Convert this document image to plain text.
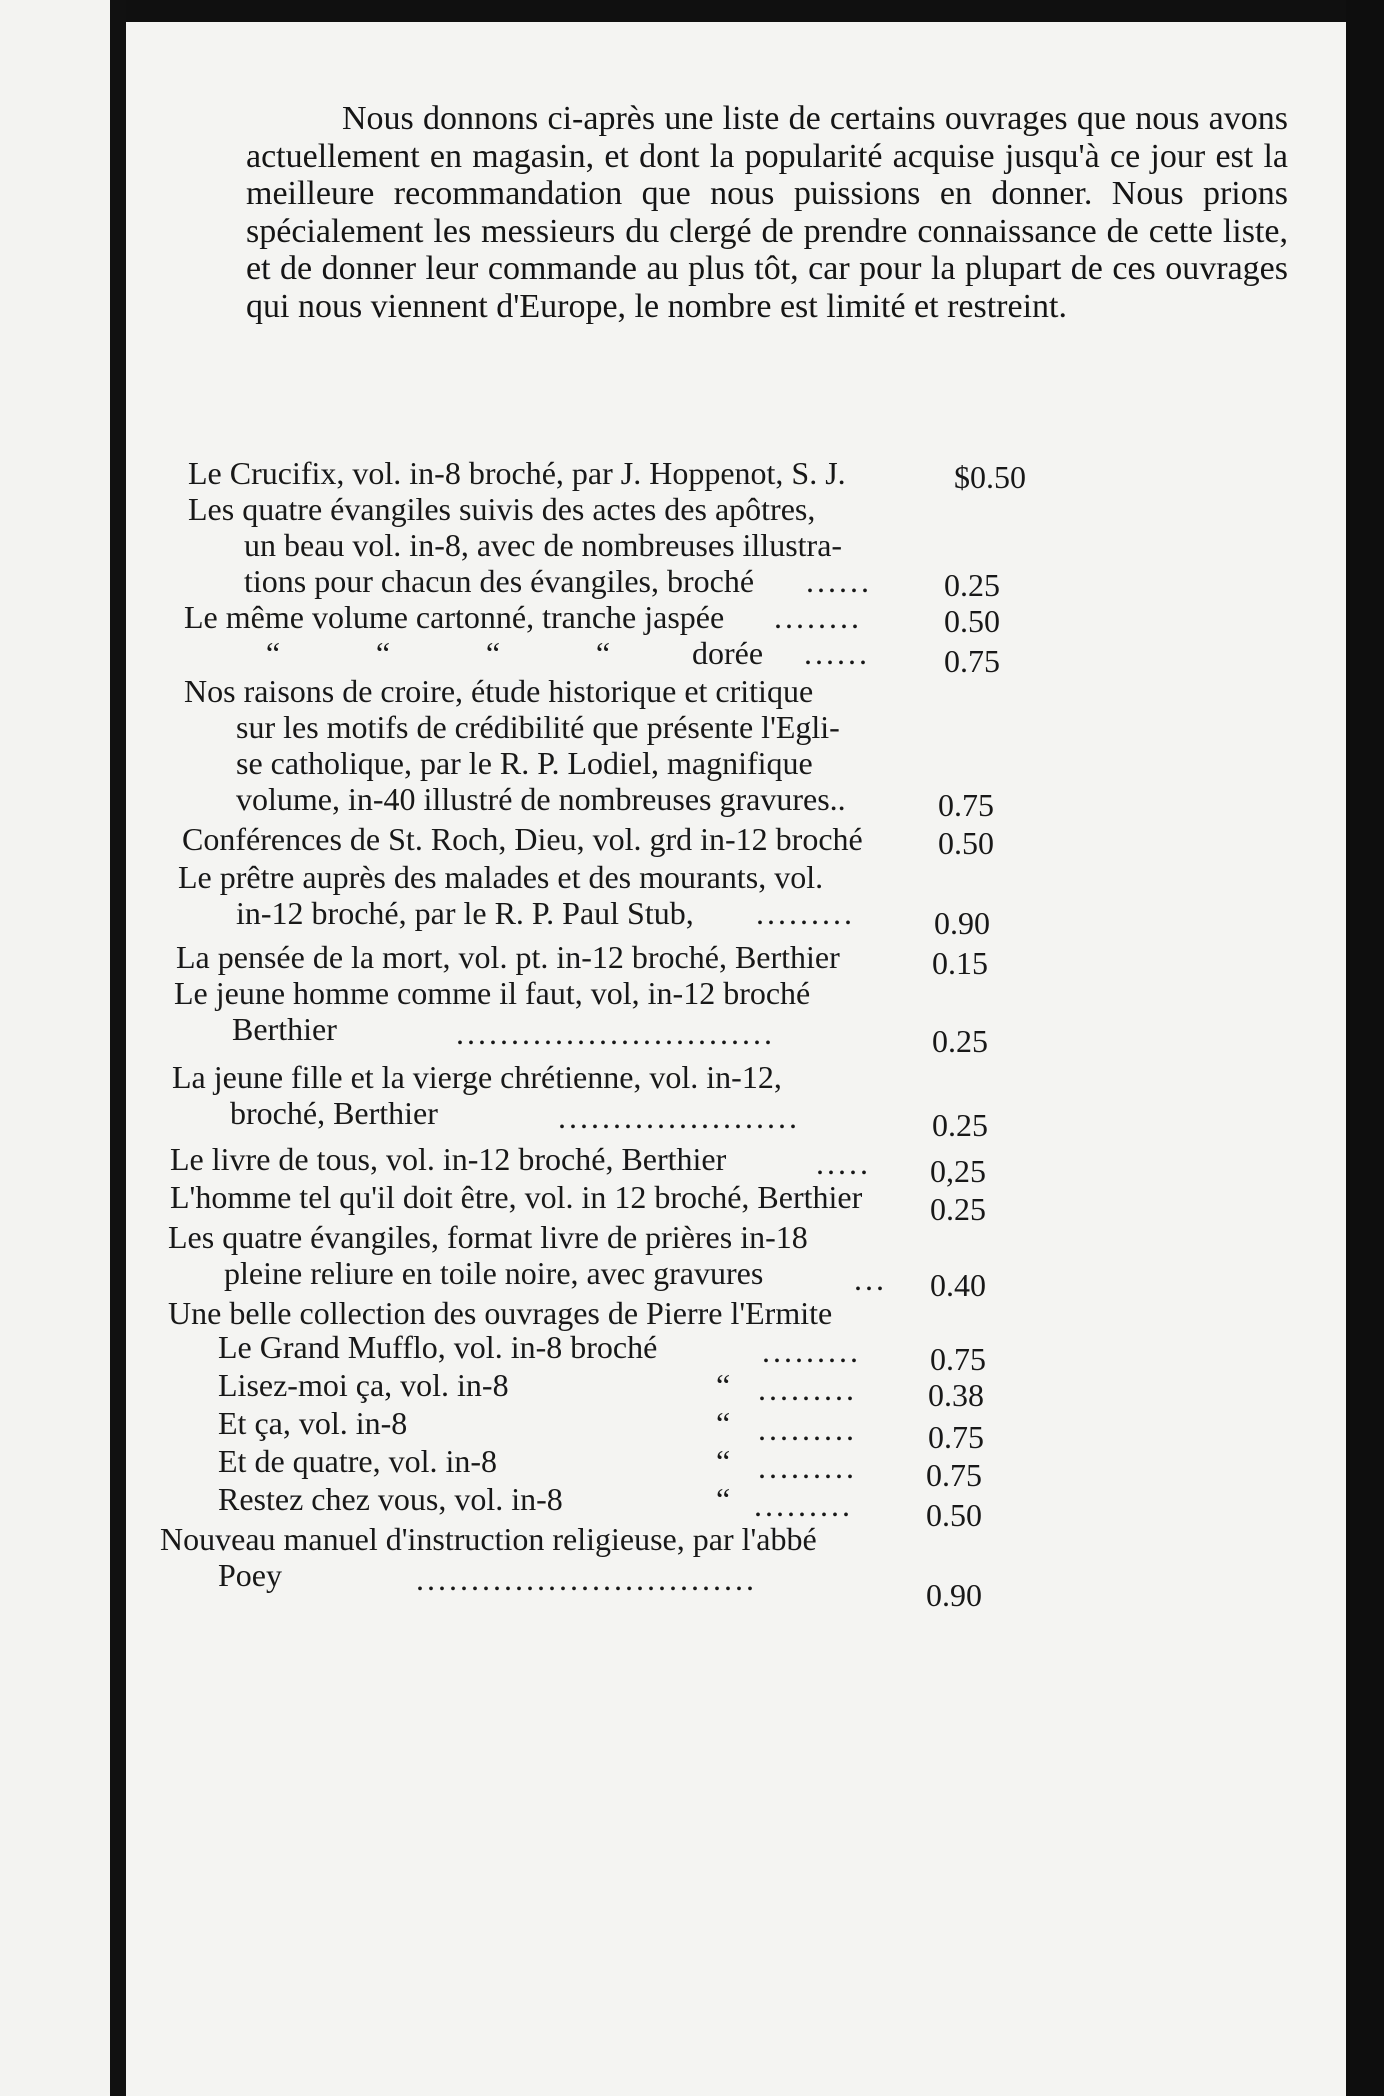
Nous donnons ci-après une liste de certains ouvrages que nous avons actuellement en magasin, et dont la popularité acquise jusqu'à ce jour est la meilleure recommandation que nous puissions en donner. Nous prions spécialement les messieurs du clergé de prendre connaissance de cette liste, et de donner leur commande au plus tôt, car pour la plupart de ces ouvrages qui nous viennent d'Europe, le nombre est limité et restreint.

Le Crucifix, vol. in-8 broché, par J. Hoppenot, S. J.	$0.50
Les quatre évangiles suivis des actes des apôtres,
un beau vol. in-8, avec de nombreuses illustra-
tions pour chacun des évangiles, broché ...... 0.25
Le même volume cartonné, tranche jaspée ........	0.50
“	“	“	“	dorée ...... 0.75
Nos raisons de croire, étude historique et critique
sur les motifs de crédibilité que présente l'Egli-
se catholique, par le R. P. Lodiel, magnifique
volume, in-40 illustré de nombreuses gravures..	0.75
Conférences de St. Roch, Dieu, vol. grd in-12 broché 0.50
Le prêtre auprès des malades et des mourants, vol.
in-12 broché, par le R. P. Paul Stub, ......... 0.90
La pensée de la mort, vol. pt. in-12 broché, Berthier	0.15
Le jeune homme comme il faut, vol, in-12 broché
Berthier	.............................	0.25
La jeune fille et la vierge chrétienne, vol. in-12,
broché, Berthier	......................	0.25
Le livre de tous, vol. in-12 broché, Berthier	..... 0,25
L'homme tel qu'il doit être, vol. in 12 broché, Berthier 0.25
Les quatre évangiles, format livre de prières in-18
pleine reliure en toile noire, avec gravures	... 0.40
Une belle collection des ouvrages de Pierre l'Ermite
Le Grand Mufflo, vol. in-8 broché	......... 0.75
Lisez-moi ça, vol. in-8	“ ......... 0.38
Et ça, vol. in-8	“ ......... 0.75
Et de quatre, vol. in-8	“ ......... 0.75
Restez chez vous, vol. in-8	“ ......... 0.50
Nouveau manuel d'instruction religieuse, par l'abbé
Poey	...............................	0.90
